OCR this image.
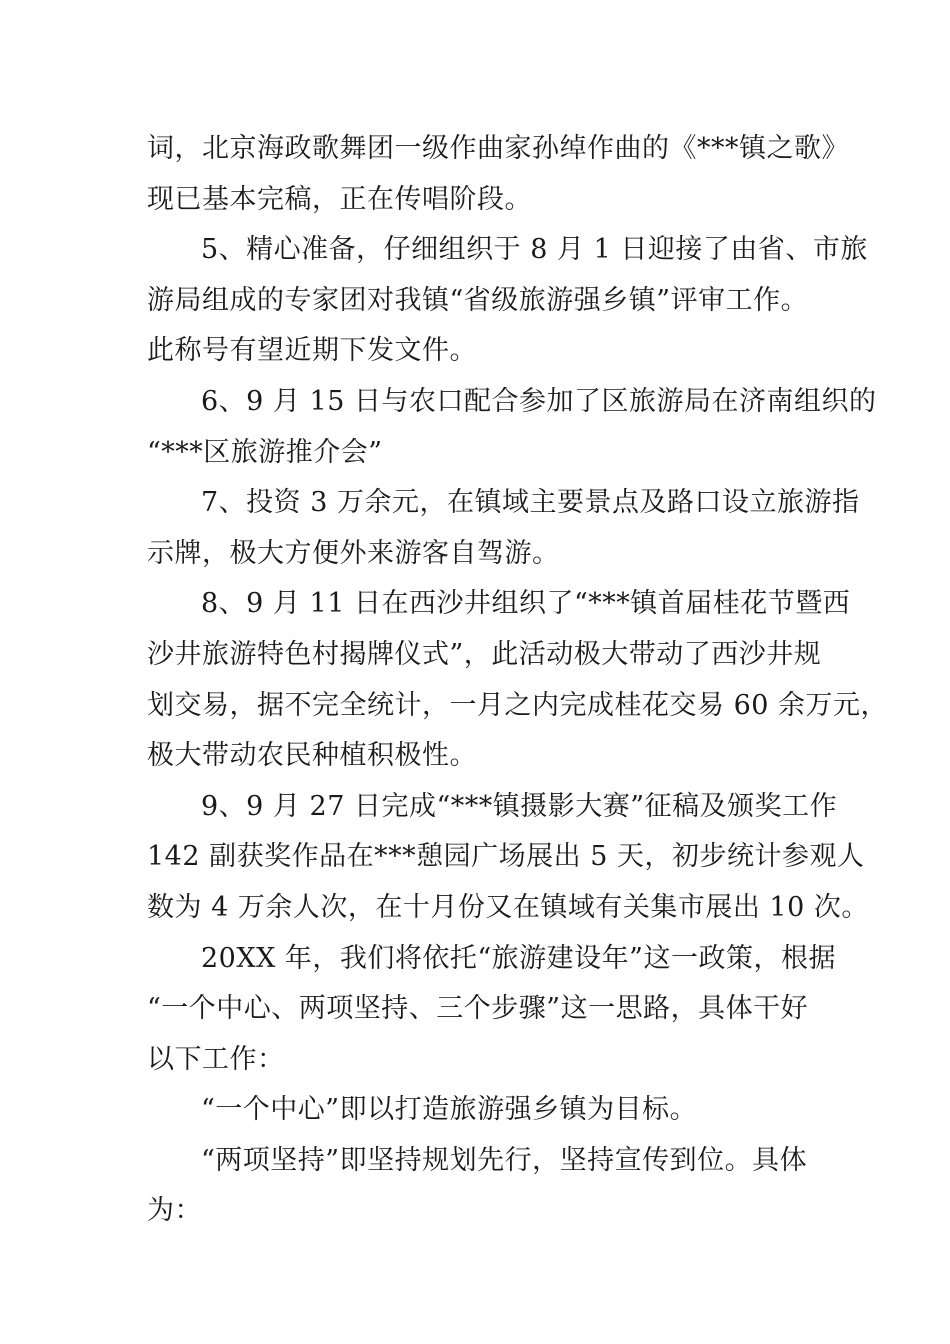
词，北京海政歌舞团一级作曲家孙绰作曲的《***镇之歌》
现已基本完稿，正在传唱阶段。
5、精心准备，仔细组织于 8 月 1 日迎接了由省、市旅
游局组成的专家团对我镇“省级旅游强乡镇”评审工作。
此称号有望近期下发文件。
6、9 月 15 日与农口配合参加了区旅游局在济南组织的
“***区旅游推介会”
7、投资 3 万余元，在镇域主要景点及路口设立旅游指
示牌，极大方便外来游客自驾游。
8、9 月 11 日在西沙井组织了“***镇首届桂花节暨西
沙井旅游特色村揭牌仪式”，此活动极大带动了西沙井规
划交易，据不完全统计，一月之内完成桂花交易 60 余万元，
极大带动农民种植积极性。
9、9 月 27 日完成“***镇摄影大赛”征稿及颁奖工作
142 副获奖作品在***憩园广场展出 5 天，初步统计参观人
数为 4 万余人次，在十月份又在镇域有关集市展出 10 次。
20XX 年，我们将依托“旅游建设年”这一政策，根据
“一个中心、两项坚持、三个步骤”这一思路，具体干好
以下工作：
“一个中心”即以打造旅游强乡镇为目标。
“两项坚持”即坚持规划先行，坚持宣传到位。具体
为：
